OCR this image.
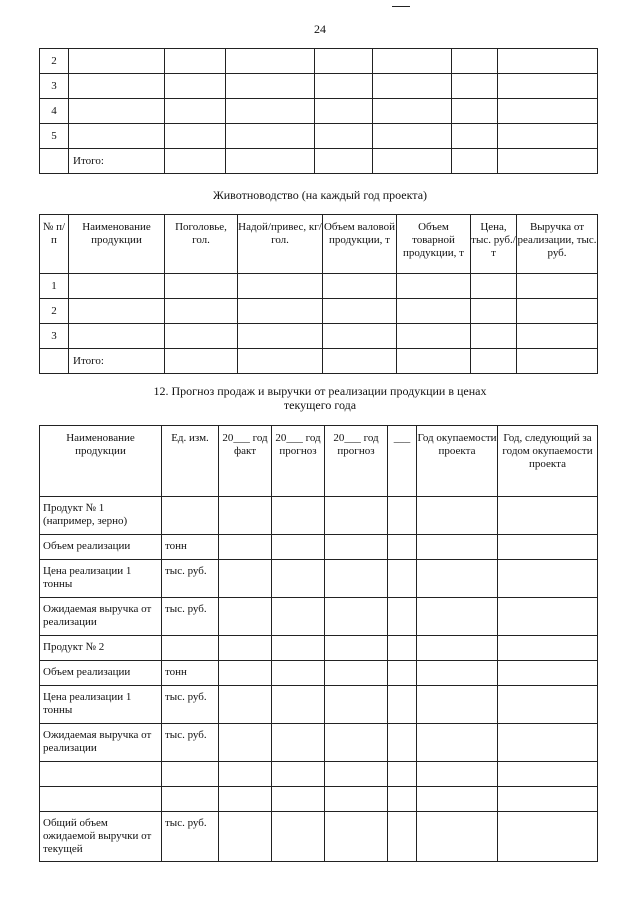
24
2							
3							
4							
5							
	Итого:						
Животноводство (на каждый год проекта)
№ п/п	Наименование продукции	Поголовье, гол.	Надой/привес, кг/гол.	Объем валовой продукции, т	Объем товарной продукции, т	Цена, тыс. руб./т	Выручка от реализации, тыс. руб.
1							
2							
3							
	Итого:						
12. Прогноз продаж и выручки от реализации продукции в ценах
текущего года
Наименование продукции	Ед. изм.	20___ год факт	20___ год прогноз	20___ год прогноз	___	Год окупаемости проекта	Год, следующий за годом окупаемости проекта
Продукт № 1 (например, зерно)							
Объем реализации	тонн						
Цена реализации 1 тонны	тыс. руб.						
Ожидаемая выручка от реализации	тыс. руб.						
Продукт № 2							
Объем реализации	тонн						
Цена реализации 1 тонны	тыс. руб.						
Ожидаемая выручка от реализации	тыс. руб.						

Общий объем ожидаемой выручки от текущей	тыс. руб.						
